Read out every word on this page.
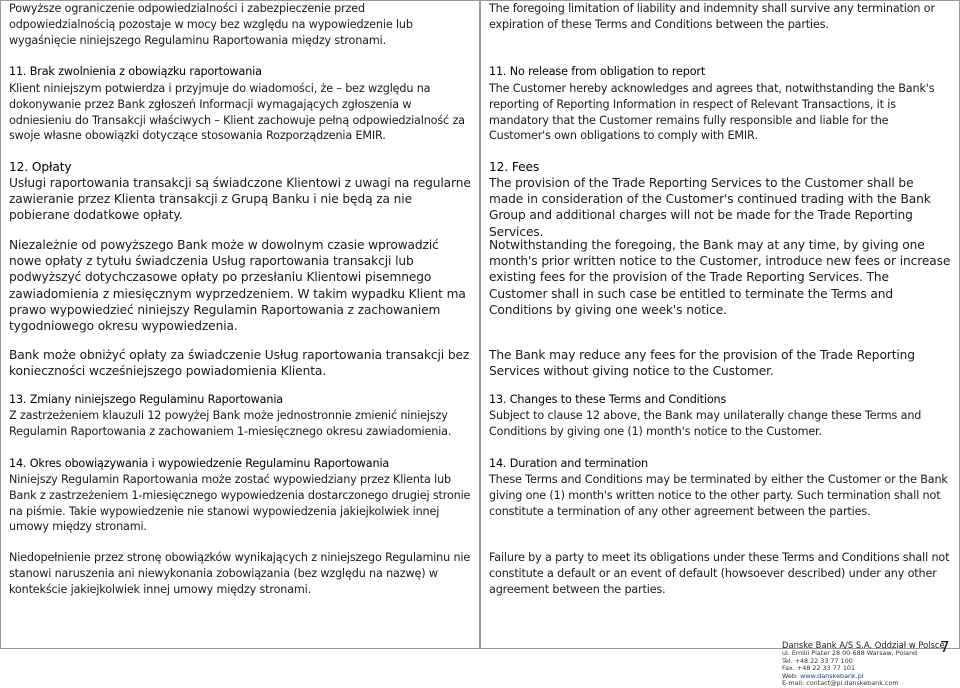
Powyższe ograniczenie odpowiedzialności i zabezpieczenie przed odpowiedzialnością pozostaje w mocy bez względu na wypowiedzenie lub wygaśnięcie niniejszego Regulaminu Raportowania między stronami.

11. Brak zwolnienia z obowiązku raportowania

Klient niniejszym potwierdza i przyjmuje do wiadomości, że – bez względu na dokonywanie przez Bank zgłoszeń Informacji wymagających zgłoszenia w odniesieniu do Transakcji właściwych – Klient zachowuje pełną odpowiedzialność za swoje własne obowiązki dotyczące stosowania Rozporządzenia EMIR.

12. Opłaty

Usługi raportowania transakcji są świadczone Klientowi z uwagi na regularne zawieranie przez Klienta transakcji z Grupą Banku i nie będą za nie pobierane dodatkowe opłaty.

Niezależnie od powyższego Bank może w dowolnym czasie wprowadzić nowe opłaty z tytułu świadczenia Usług raportowania transakcji lub podwyższyć dotychczasowe opłaty po przesłaniu Klientowi pisemnego zawiadomienia z miesięcznym wyprzedzeniem. W takim wypadku Klient ma prawo wypowiedzieć niniejszy Regulamin Raportowania z zachowaniem tygodniowego okresu wypowiedzenia.

Bank może obniżyć opłaty za świadczenie Usług raportowania transakcji bez konieczności wcześniejszego powiadomienia Klienta.

13. Zmiany niniejszego Regulaminu Raportowania

Z zastrzeżeniem klauzuli 12 powyżej Bank może jednostronnie zmienić niniejszy Regulamin Raportowania z zachowaniem 1-miesięcznego okresu zawiadomienia.

14. Okres obowiązywania i wypowiedzenie Regulaminu Raportowania

Niniejszy Regulamin Raportowania może zostać wypowiedziany przez Klienta lub Bank z zastrzeżeniem 1-miesięcznego wypowiedzenia dostarczonego drugiej stronie na piśmie. Takie wypowiedzenie nie stanowi wypowiedzenia jakiejkolwiek innej umowy między stronami.

Niedopełnienie przez stronę obowiązków wynikających z niniejszego Regulaminu nie stanowi naruszenia ani niewykonania zobowiązania (bez względu na nazwę) w kontekście jakiejkolwiek innej umowy między stronami.

The foregoing limitation of liability and indemnity shall survive any termination or expiration of these Terms and Conditions between the parties.

11. No release from obligation to report

The Customer hereby acknowledges and agrees that, notwithstanding the Bank's reporting of Reporting Information in respect of Relevant Transactions, it is mandatory that the Customer remains fully responsible and liable for the Customer's own obligations to comply with EMIR.

12. Fees

The provision of the Trade Reporting Services to the Customer shall be made in consideration of the Customer's continued trading with the Bank Group and additional charges will not be made for the Trade Reporting Services.

Notwithstanding the foregoing, the Bank may at any time, by giving one month's prior written notice to the Customer, introduce new fees or increase existing fees for the provision of the Trade Reporting Services. The Customer shall in such case be entitled to terminate the Terms and Conditions by giving one week's notice.

The Bank may reduce any fees for the provision of the Trade Reporting Services without giving notice to the Customer.

13. Changes to these Terms and Conditions

Subject to clause 12 above, the Bank may unilaterally change these Terms and Conditions by giving one (1) month's notice to the Customer.

14. Duration and termination

These Terms and Conditions may be terminated by either the Customer or the Bank giving one (1) month's written notice to the other party. Such termination shall not constitute a termination of any other agreement between the parties.

Failure by a party to meet its obligations under these Terms and Conditions shall not constitute a default or an event of default (howsoever described) under any other agreement between the parties.

Danske Bank A/S S.A. Oddział w Polsce
ul. Emilii Plater 28 00-688 Warsaw, Poland
Tel. +48 22 33 77 100
Fax. +48 22 33 77 101
Web: www.danskebank.pl
E-mail: contact@pl.danskebank.com
7
